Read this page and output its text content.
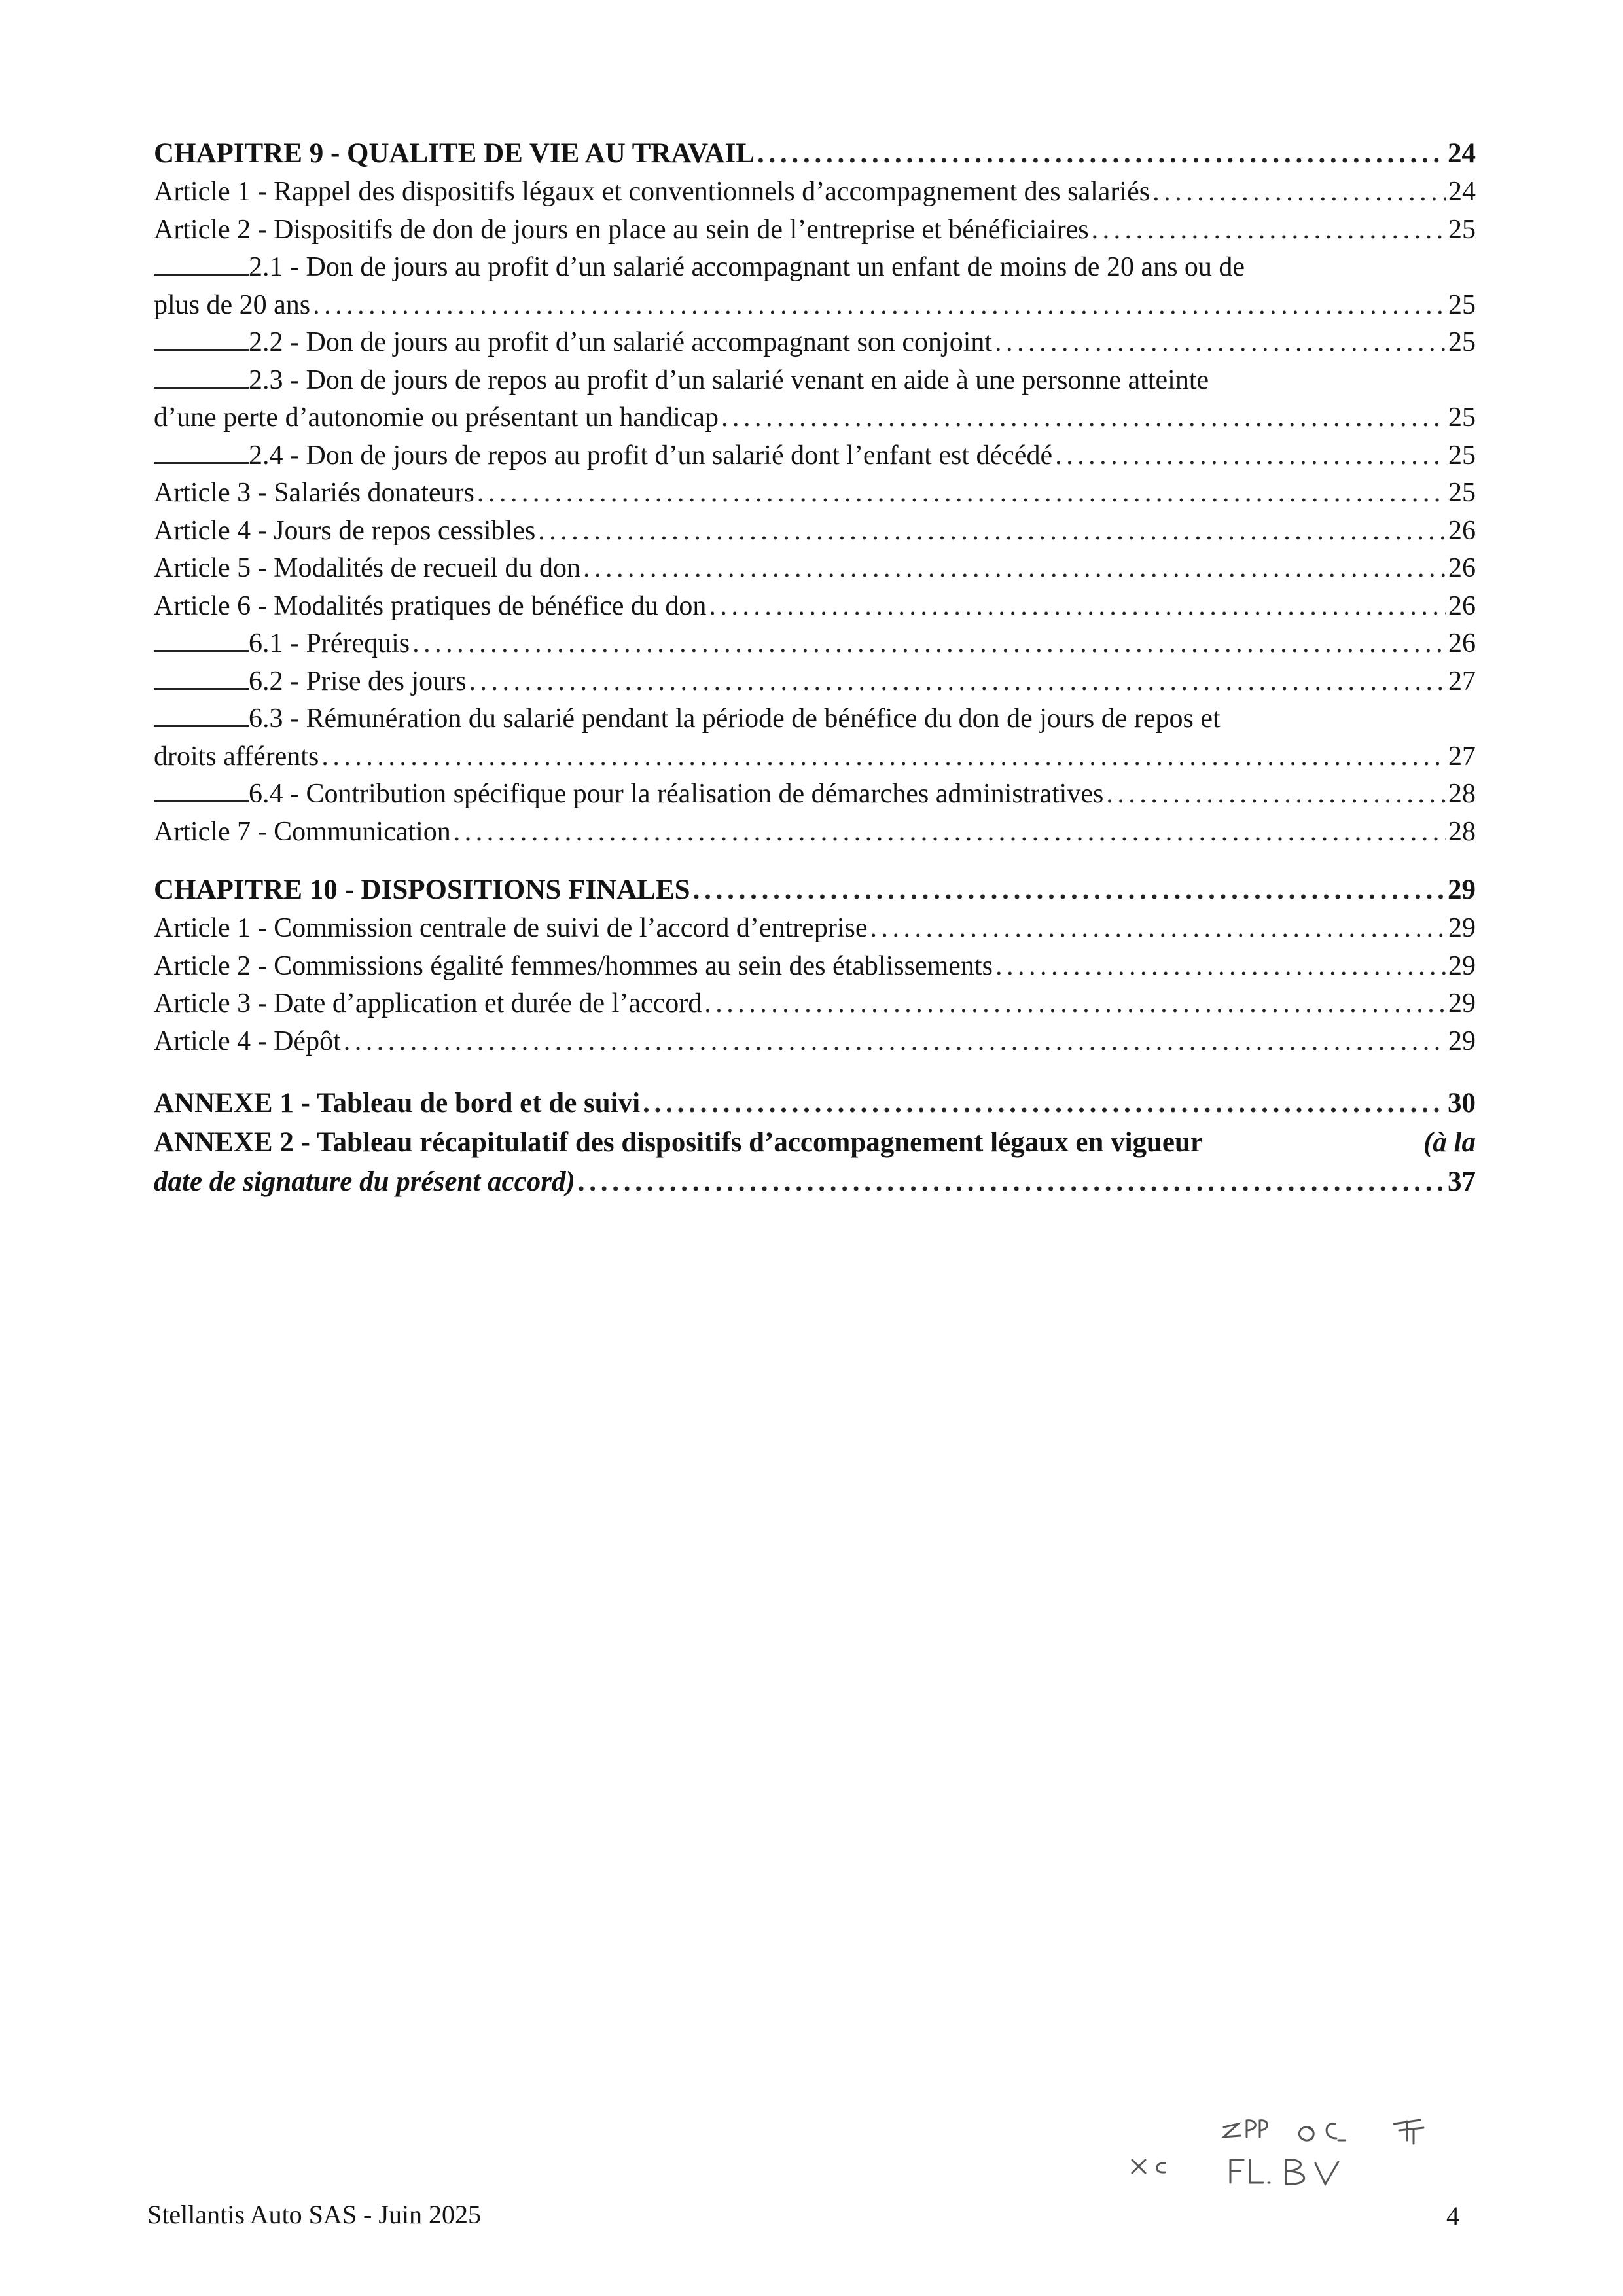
CHAPITRE 9 - QUALITE DE VIE AU TRAVAIL . . .	24
Article 1 - Rappel des dispositifs légaux et conventionnels d’accompagnement des salariés . . .	24
Article 2 - Dispositifs de don de jours en place au sein de l’entreprise et bénéficiaires . . .	25
2.1 - Don de jours au profit d’un salarié accompagnant un enfant de moins de 20 ans ou de
plus de 20 ans . . .	25
2.2 - Don de jours au profit d’un salarié accompagnant son conjoint . . .	25
2.3 - Don de jours de repos au profit d’un salarié venant en aide à une personne atteinte
d’une perte d’autonomie ou présentant un handicap . . .	25
2.4 - Don de jours de repos au profit d’un salarié dont l’enfant est décédé . . .	25
Article 3 - Salariés donateurs . . .	25
Article 4 - Jours de repos cessibles . . .	26
Article 5 - Modalités de recueil du don . . .	26
Article 6 - Modalités pratiques de bénéfice du don . . .	26
6.1 - Prérequis . . .	26
6.2 - Prise des jours . . .	27
6.3 - Rémunération du salarié pendant la période de bénéfice du don de jours de repos et
droits afférents . . .	27
6.4 - Contribution spécifique pour la réalisation de démarches administratives . . .	28
Article 7 - Communication . . .	28
CHAPITRE 10 - DISPOSITIONS FINALES . . .	29
Article 1 - Commission centrale de suivi de l’accord d’entreprise . . .	29
Article 2 - Commissions égalité femmes/hommes au sein des établissements . . .	29
Article 3 - Date d’application et durée de l’accord . . .	29
Article 4 - Dépôt . . .	29
ANNEXE 1 - Tableau de bord et de suivi . . .	30
ANNEXE 2 - Tableau récapitulatif des dispositifs d’accompagnement légaux en vigueur	(à la
date de signature du présent accord) . . .	37
Stellantis Auto SAS - Juin 2025	4
